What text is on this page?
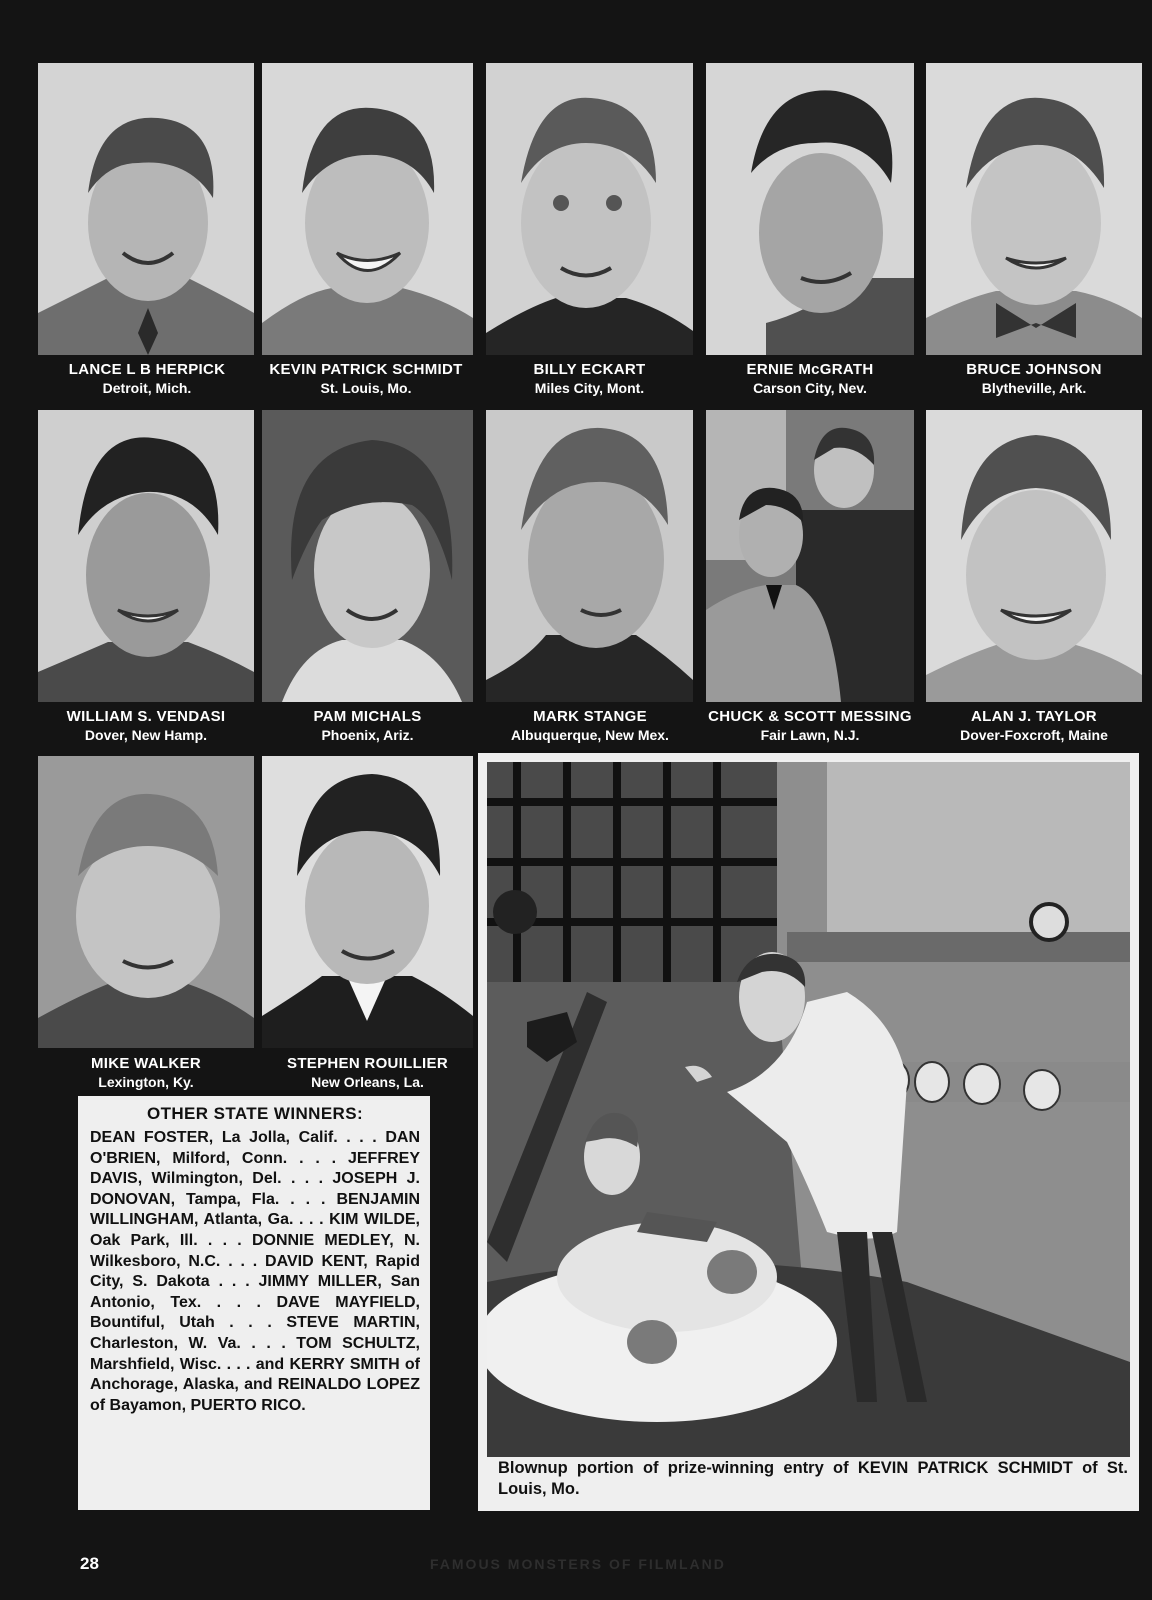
LANCE L B HERPICK
Detroit, Mich.
KEVIN PATRICK SCHMIDT
St. Louis, Mo.
BILLY ECKART
Miles City, Mont.
ERNIE McGRATH
Carson City, Nev.
BRUCE JOHNSON
Blytheville, Ark.
WILLIAM S. VENDASI
Dover, New Hamp.
PAM MICHALS
Phoenix, Ariz.
MARK STANGE
Albuquerque, New Mex.
CHUCK & SCOTT MESSING
Fair Lawn, N.J.
ALAN J. TAYLOR
Dover-Foxcroft, Maine
MIKE WALKER
Lexington, Ky.
STEPHEN ROUILLIER
New Orleans, La.
OTHER STATE WINNERS:
DEAN FOSTER, La Jolla, Calif. . . . DAN O'BRIEN, Milford, Conn. . . . JEFFREY DAVIS, Wilmington, Del. . . . JOSEPH J. DONOVAN, Tampa, Fla. . . . BENJAMIN WILLINGHAM, Atlanta, Ga. . . . KIM WILDE, Oak Park, Ill. . . . DONNIE MEDLEY, N. Wilkesboro, N.C. . . . DAVID KENT, Rapid City, S. Dakota . . . JIMMY MILLER, San Antonio, Tex. . . . DAVE MAYFIELD, Bountiful, Utah . . . STEVE MARTIN, Charleston, W. Va. . . . TOM SCHULTZ, Marshfield, Wisc. . . . and KERRY SMITH of Anchorage, Alaska, and REINALDO LOPEZ of Bayamon, PUERTO RICO.
Blownup portion of prize-winning entry of KEVIN PATRICK SCHMIDT of St. Louis, Mo.
28	FAMOUS MONSTERS OF FILMLAND
